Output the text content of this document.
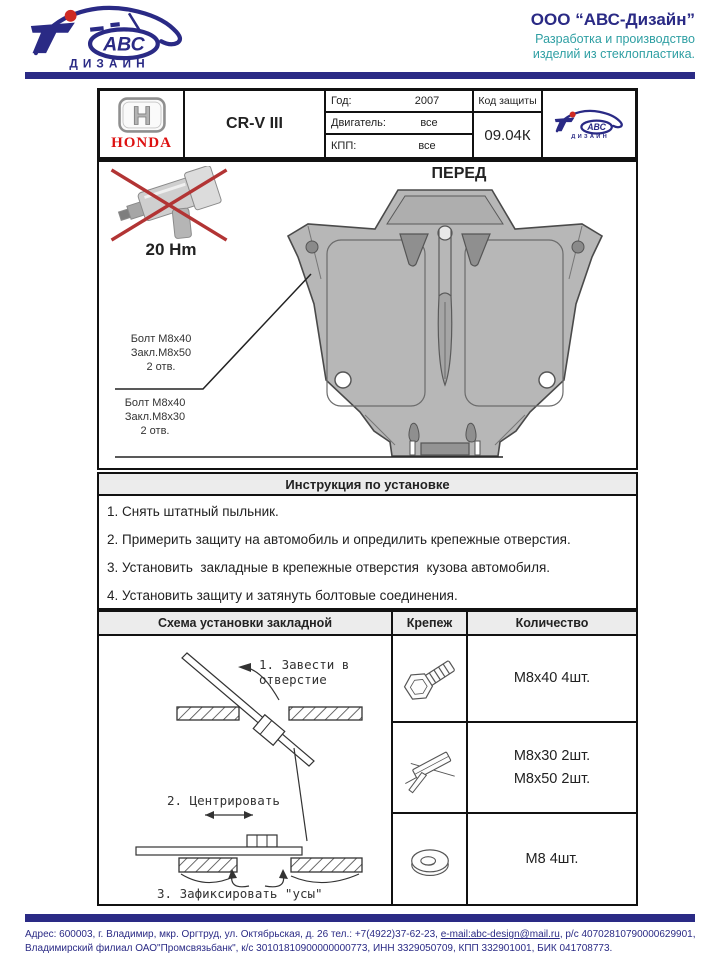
АВС
ДИЗАЙН
ООО “АВС-Дизайн”
Разработка и производство
изделий из стеклопластика.
H
HONDA
CR-V III
Год:	2007
Двигатель:	все
КПП:	все
Код защиты
09.04К АВС
ДИЗАЙН
20 Hm
ПЕРЕД
Болт М8х40
Закл.М8х50
2 отв.
Болт М8х40
Закл.М8х30
2 отв.
Инструкция по установке
1. Снять штатный пыльник.
2. Примерить защиту на автомобиль и опредилить крепежные отверстия.
3. Установить  закладные в крепежные отверстия  кузова автомобиля.
4. Установить защиту и затянуть болтовые соединения.
Схема установки закладной	Крепеж	Количество
1. Завести в
отверстие
2. Центрировать
3. Зафиксировать "усы"
М8х40 4шт.
М8х30 2шт.
М8х50 2шт.
М8 4шт.
Адрес: 600003, г. Владимир, мкр. Оргтруд, ул. Октябрьская, д. 26 тел.: +7(4922)37-62-23, e-mail:abc-design@mail.ru, р/с 40702810790000629901,
Владимирский филиал ОАО"Промсвязьбанк", к/с 30101810900000000773, ИНН 3329050709, КПП 332901001, БИК 041708773.
